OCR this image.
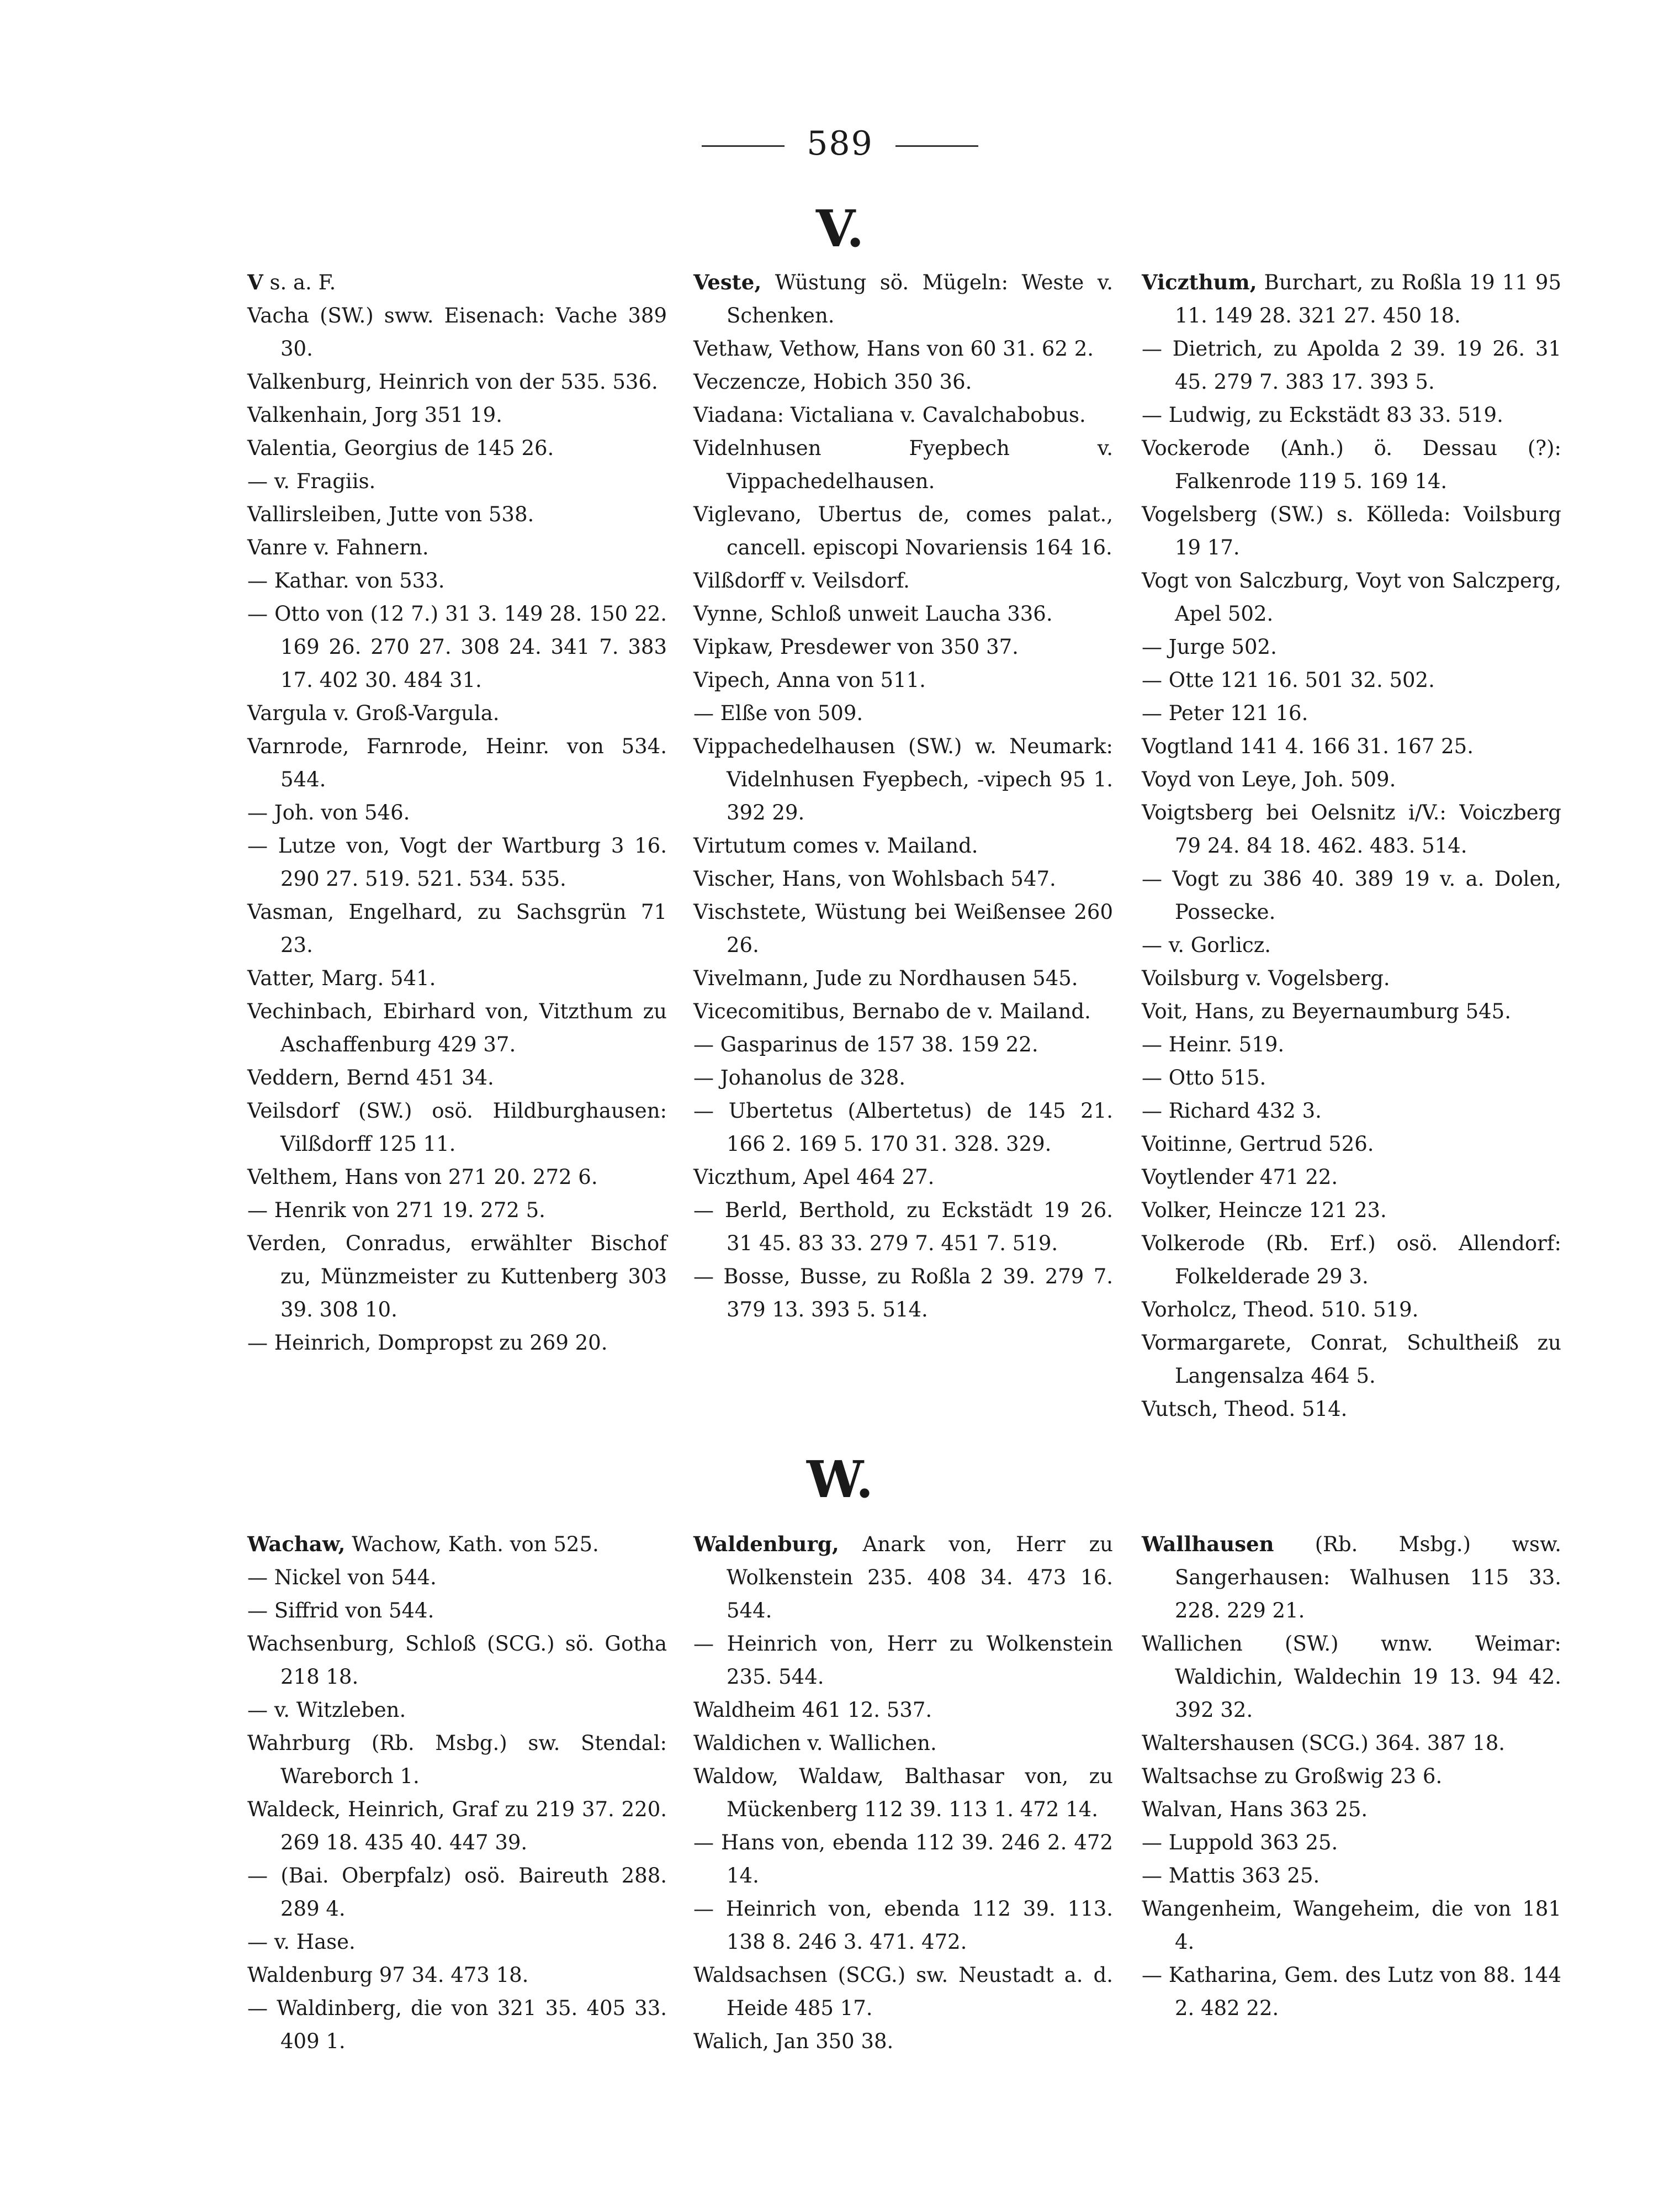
589
V.

V s. a. F.

Vacha (SW.) sww. Eisenach: Vache 389 30.

Valkenburg, Heinrich von der 535. 536.

Valkenhain, Jorg 351 19.

Valentia, Georgius de 145 26.

— v. Fragiis.

Vallirsleiben, Jutte von 538.

Vanre v. Fahnern.

— Kathar. von 533.

— Otto von (12 7.) 31 3. 149 28. 150 22. 169 26. 270 27. 308 24. 341 7. 383 17. 402 30. 484 31.

Vargula v. Groß-Vargula.

Varnrode, Farnrode, Heinr. von 534. 544.

— Joh. von 546.

— Lutze von, Vogt der Wartburg 3 16. 290 27. 519. 521. 534. 535.

Vasman, Engelhard, zu Sachsgrün 71 23.

Vatter, Marg. 541.

Vechinbach, Ebirhard von, Vitzthum zu Aschaffenburg 429 37.

Veddern, Bernd 451 34.

Veilsdorf (SW.) osö. Hildburghausen: Vilßdorff 125 11.

Velthem, Hans von 271 20. 272 6.

— Henrik von 271 19. 272 5.

Verden, Conradus, erwählter Bischof zu, Münzmeister zu Kuttenberg 303 39. 308 10.

— Heinrich, Dompropst zu 269 20.

Veste, Wüstung sö. Mügeln: Weste v. Schenken.

Vethaw, Vethow, Hans von 60 31. 62 2.

Veczencze, Hobich 350 36.

Viadana: Victaliana v. Cavalchabobus.

Videlnhusen Fyepbech v. Vippachedelhausen.

Viglevano, Ubertus de, comes palat., cancell. episcopi Novariensis 164 16.

Vilßdorff v. Veilsdorf.

Vynne, Schloß unweit Laucha 336.

Vipkaw, Presdewer von 350 37.

Vipech, Anna von 511.

— Elße von 509.

Vippachedelhausen (SW.) w. Neumark: Videlnhusen Fyepbech, -vipech 95 1. 392 29.

Virtutum comes v. Mailand.

Vischer, Hans, von Wohlsbach 547.

Vischstete, Wüstung bei Weißensee 260 26.

Vivelmann, Jude zu Nordhausen 545.

Vicecomitibus, Bernabo de v. Mailand.

— Gasparinus de 157 38. 159 22.

— Johanolus de 328.

— Ubertetus (Albertetus) de 145 21. 166 2. 169 5. 170 31. 328. 329.

Viczthum, Apel 464 27.

— Berld, Berthold, zu Eckstädt 19 26. 31 45. 83 33. 279 7. 451 7. 519.

— Bosse, Busse, zu Roßla 2 39. 279 7. 379 13. 393 5. 514.

Viczthum, Burchart, zu Roßla 19 11 95 11. 149 28. 321 27. 450 18.

— Dietrich, zu Apolda 2 39. 19 26. 31 45. 279 7. 383 17. 393 5.

— Ludwig, zu Eckstädt 83 33. 519.

Vockerode (Anh.) ö. Dessau (?): Falkenrode 119 5. 169 14.

Vogelsberg (SW.) s. Kölleda: Voilsburg 19 17.

Vogt von Salczburg, Voyt von Salczperg, Apel 502.

— Jurge 502.

— Otte 121 16. 501 32. 502.

— Peter 121 16.

Vogtland 141 4. 166 31. 167 25.

Voyd von Leye, Joh. 509.

Voigtsberg bei Oelsnitz i/V.: Voiczberg 79 24. 84 18. 462. 483. 514.

— Vogt zu 386 40. 389 19 v. a. Dolen, Possecke.

— v. Gorlicz.

Voilsburg v. Vogelsberg.

Voit, Hans, zu Beyernaumburg 545.

— Heinr. 519.

— Otto 515.

— Richard 432 3.

Voitinne, Gertrud 526.

Voytlender 471 22.

Volker, Heincze 121 23.

Volkerode (Rb. Erf.) osö. Allendorf: Folkelderade 29 3.

Vorholcz, Theod. 510. 519.

Vormargarete, Conrat, Schultheiß zu Langensalza 464 5.

Vutsch, Theod. 514.

W.

Wachaw, Wachow, Kath. von 525.

— Nickel von 544.

— Siffrid von 544.

Wachsenburg, Schloß (SCG.) sö. Gotha 218 18.

— v. Witzleben.

Wahrburg (Rb. Msbg.) sw. Stendal: Wareborch 1.

Waldeck, Heinrich, Graf zu 219 37. 220. 269 18. 435 40. 447 39.

— (Bai. Oberpfalz) osö. Baireuth 288. 289 4.

— v. Hase.

Waldenburg 97 34. 473 18.

— Waldinberg, die von 321 35. 405 33. 409 1.

Waldenburg, Anark von, Herr zu Wolkenstein 235. 408 34. 473 16. 544.

— Heinrich von, Herr zu Wolkenstein 235. 544.

Waldheim 461 12. 537.

Waldichen v. Wallichen.

Waldow, Waldaw, Balthasar von, zu Mückenberg 112 39. 113 1. 472 14.

— Hans von, ebenda 112 39. 246 2. 472 14.

— Heinrich von, ebenda 112 39. 113. 138 8. 246 3. 471. 472.

Waldsachsen (SCG.) sw. Neustadt a. d. Heide 485 17.

Walich, Jan 350 38.

Wallhausen (Rb. Msbg.) wsw. Sangerhausen: Walhusen 115 33. 228. 229 21.

Wallichen (SW.) wnw. Weimar: Waldichin, Waldechin 19 13. 94 42. 392 32.

Waltershausen (SCG.) 364. 387 18.

Waltsachse zu Großwig 23 6.

Walvan, Hans 363 25.

— Luppold 363 25.

— Mattis 363 25.

Wangenheim, Wangeheim, die von 181 4.

— Katharina, Gem. des Lutz von 88. 144 2. 482 22.
